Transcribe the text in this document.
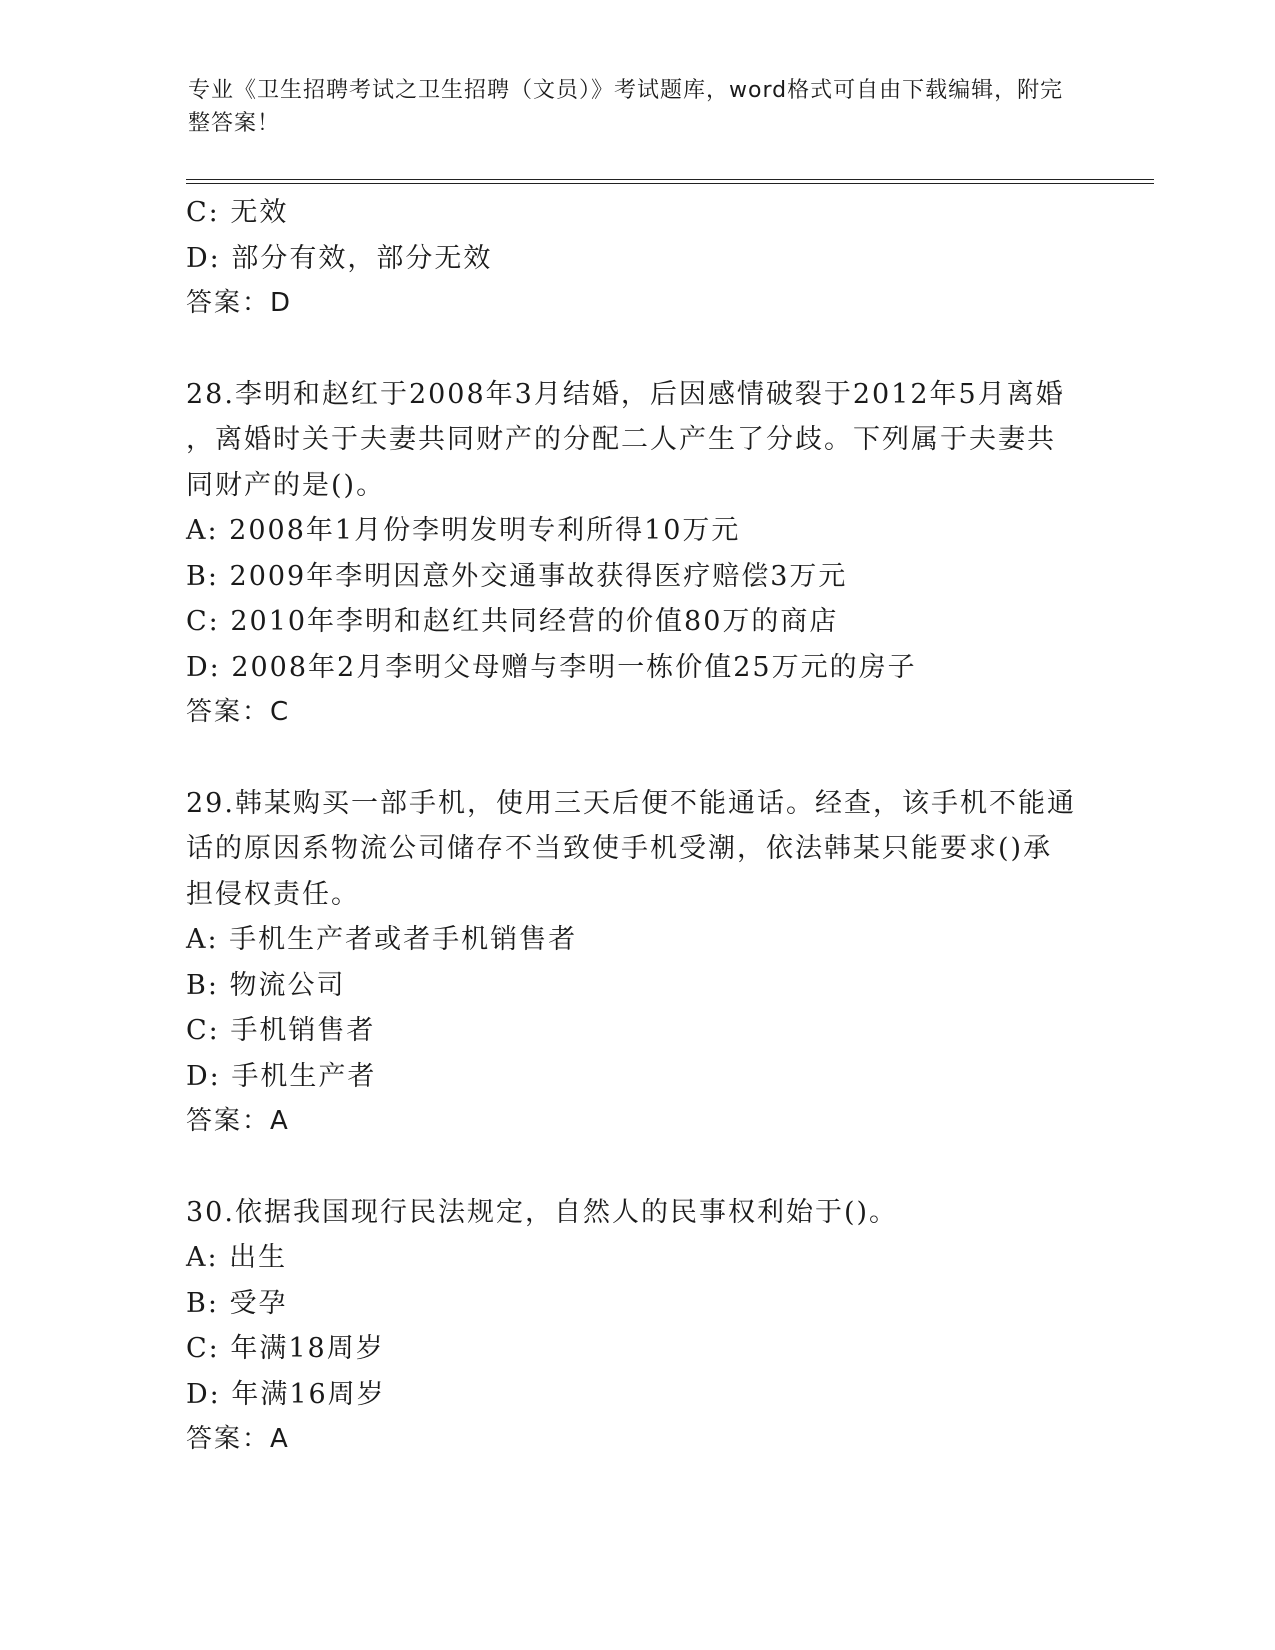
专业《卫生招聘考试之卫生招聘（文员）》考试题库，word格式可自由下载编辑，附完整答案！
C: 无效
D: 部分有效，部分无效
答案：D
28.李明和赵红于2008年3月结婚，后因感情破裂于2012年5月离婚
，离婚时关于夫妻共同财产的分配二人产生了分歧。下列属于夫妻共
同财产的是()。
A: 2008年1月份李明发明专利所得10万元
B: 2009年李明因意外交通事故获得医疗赔偿3万元
C: 2010年李明和赵红共同经营的价值80万的商店
D: 2008年2月李明父母赠与李明一栋价值25万元的房子
答案：C
29.韩某购买一部手机，使用三天后便不能通话。经查，该手机不能通
话的原因系物流公司储存不当致使手机受潮，依法韩某只能要求()承
担侵权责任。
A: 手机生产者或者手机销售者
B: 物流公司
C: 手机销售者
D: 手机生产者
答案：A
30.依据我国现行民法规定，自然人的民事权利始于()。
A: 出生
B: 受孕
C: 年满18周岁
D: 年满16周岁
答案：A
